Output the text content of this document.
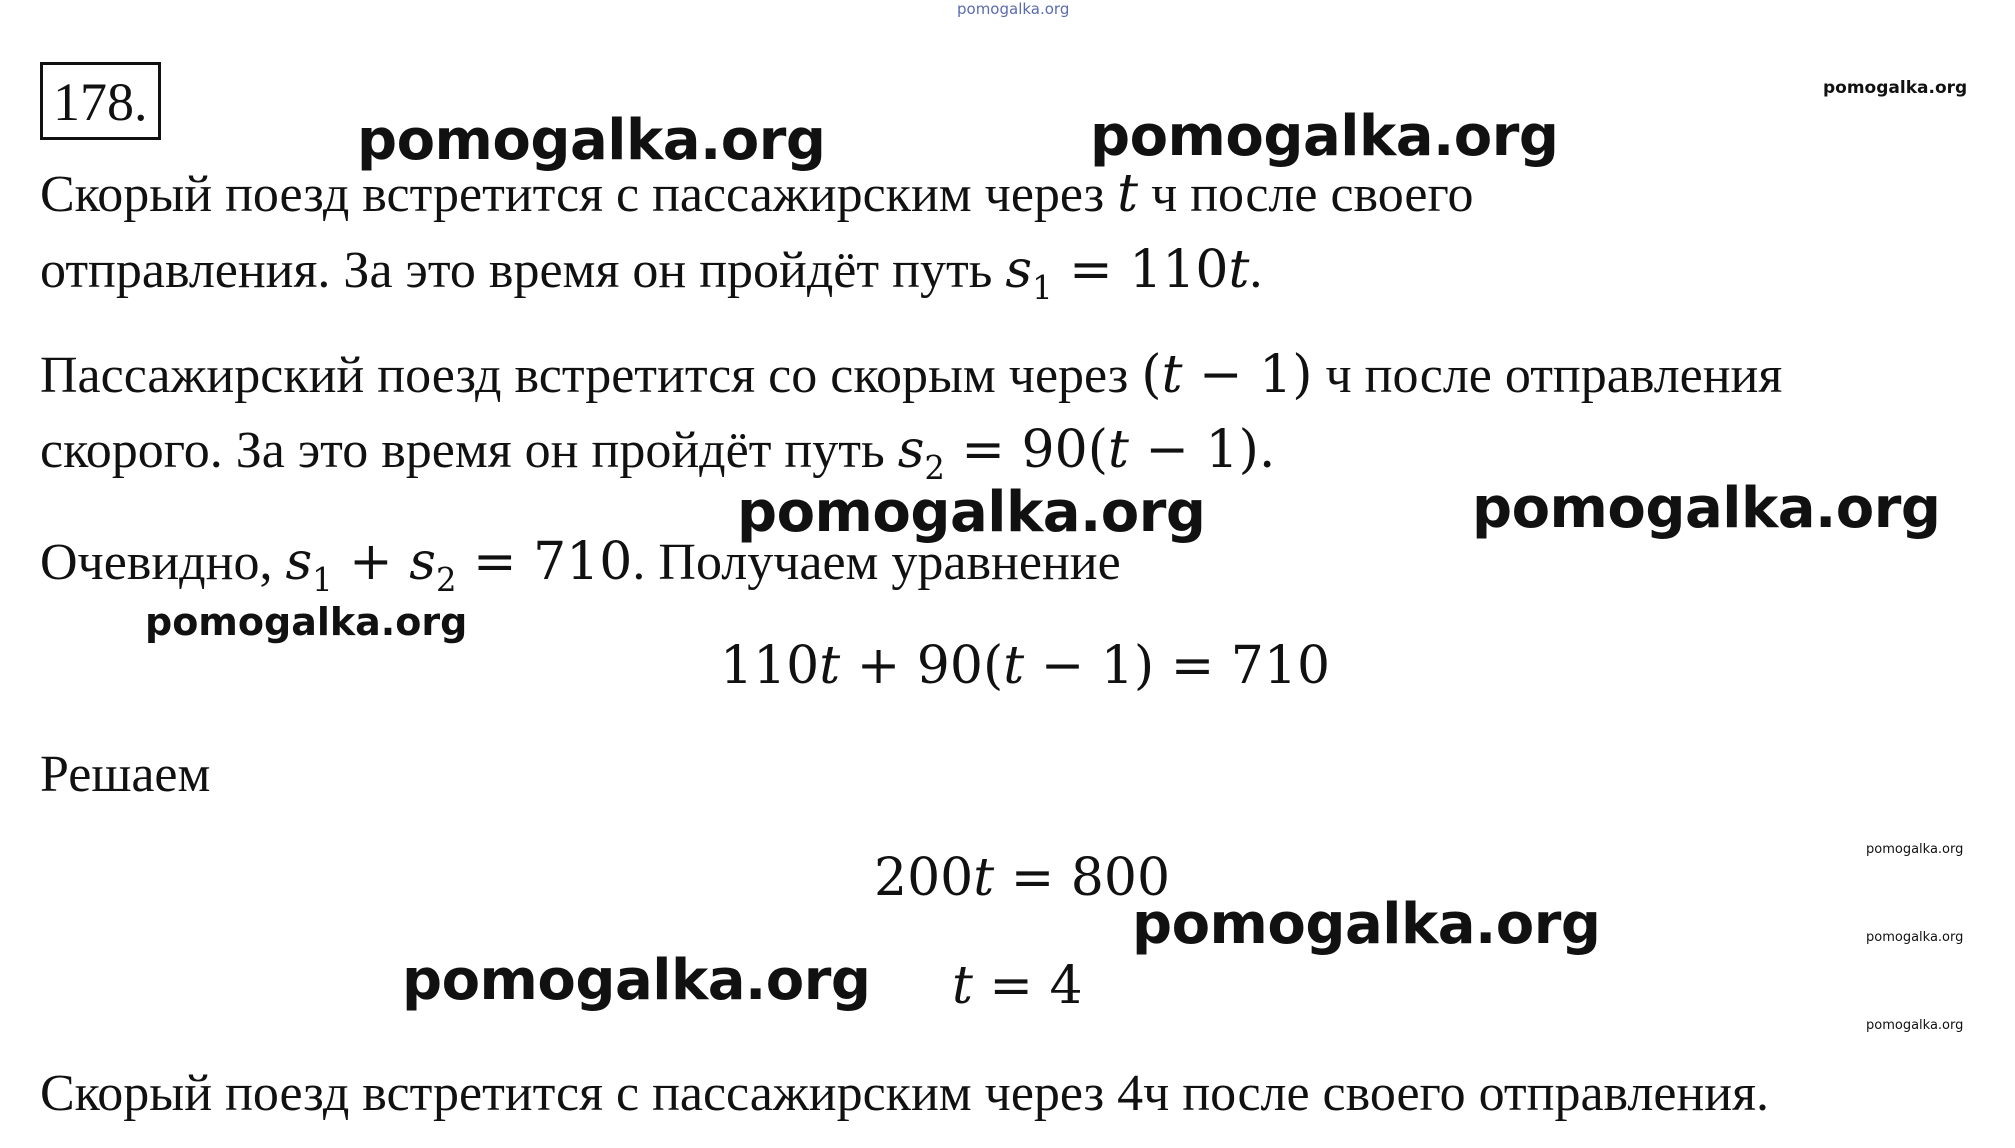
pomogalka.org
178.	pomogalka.org
pomogalka.org	pomogalka.org
Скорый поезд встретится с пассажирским через t ч после своего
отправления. За это время он пройдёт путь $s_1 = 110t$.
Пассажирский поезд встретится со скорым через (t − 1) ч после отправления
скорого. За это время он пройдёт путь $s_2 = 90(t - 1)$.
pomogalka.org	pomogalka.org
Очевидно, $s_1 + s_2 = 710$. Получаем уравнение
pomogalka.org
110t + 90(t − 1) = 710
Решаем
200t = 800	pomogalka.org
pomogalka.org	pomogalka.org
t = 4
pomogalka.org
pomogalka.org
Скорый поезд встретится с пассажирским через 4ч после своего отправления.
